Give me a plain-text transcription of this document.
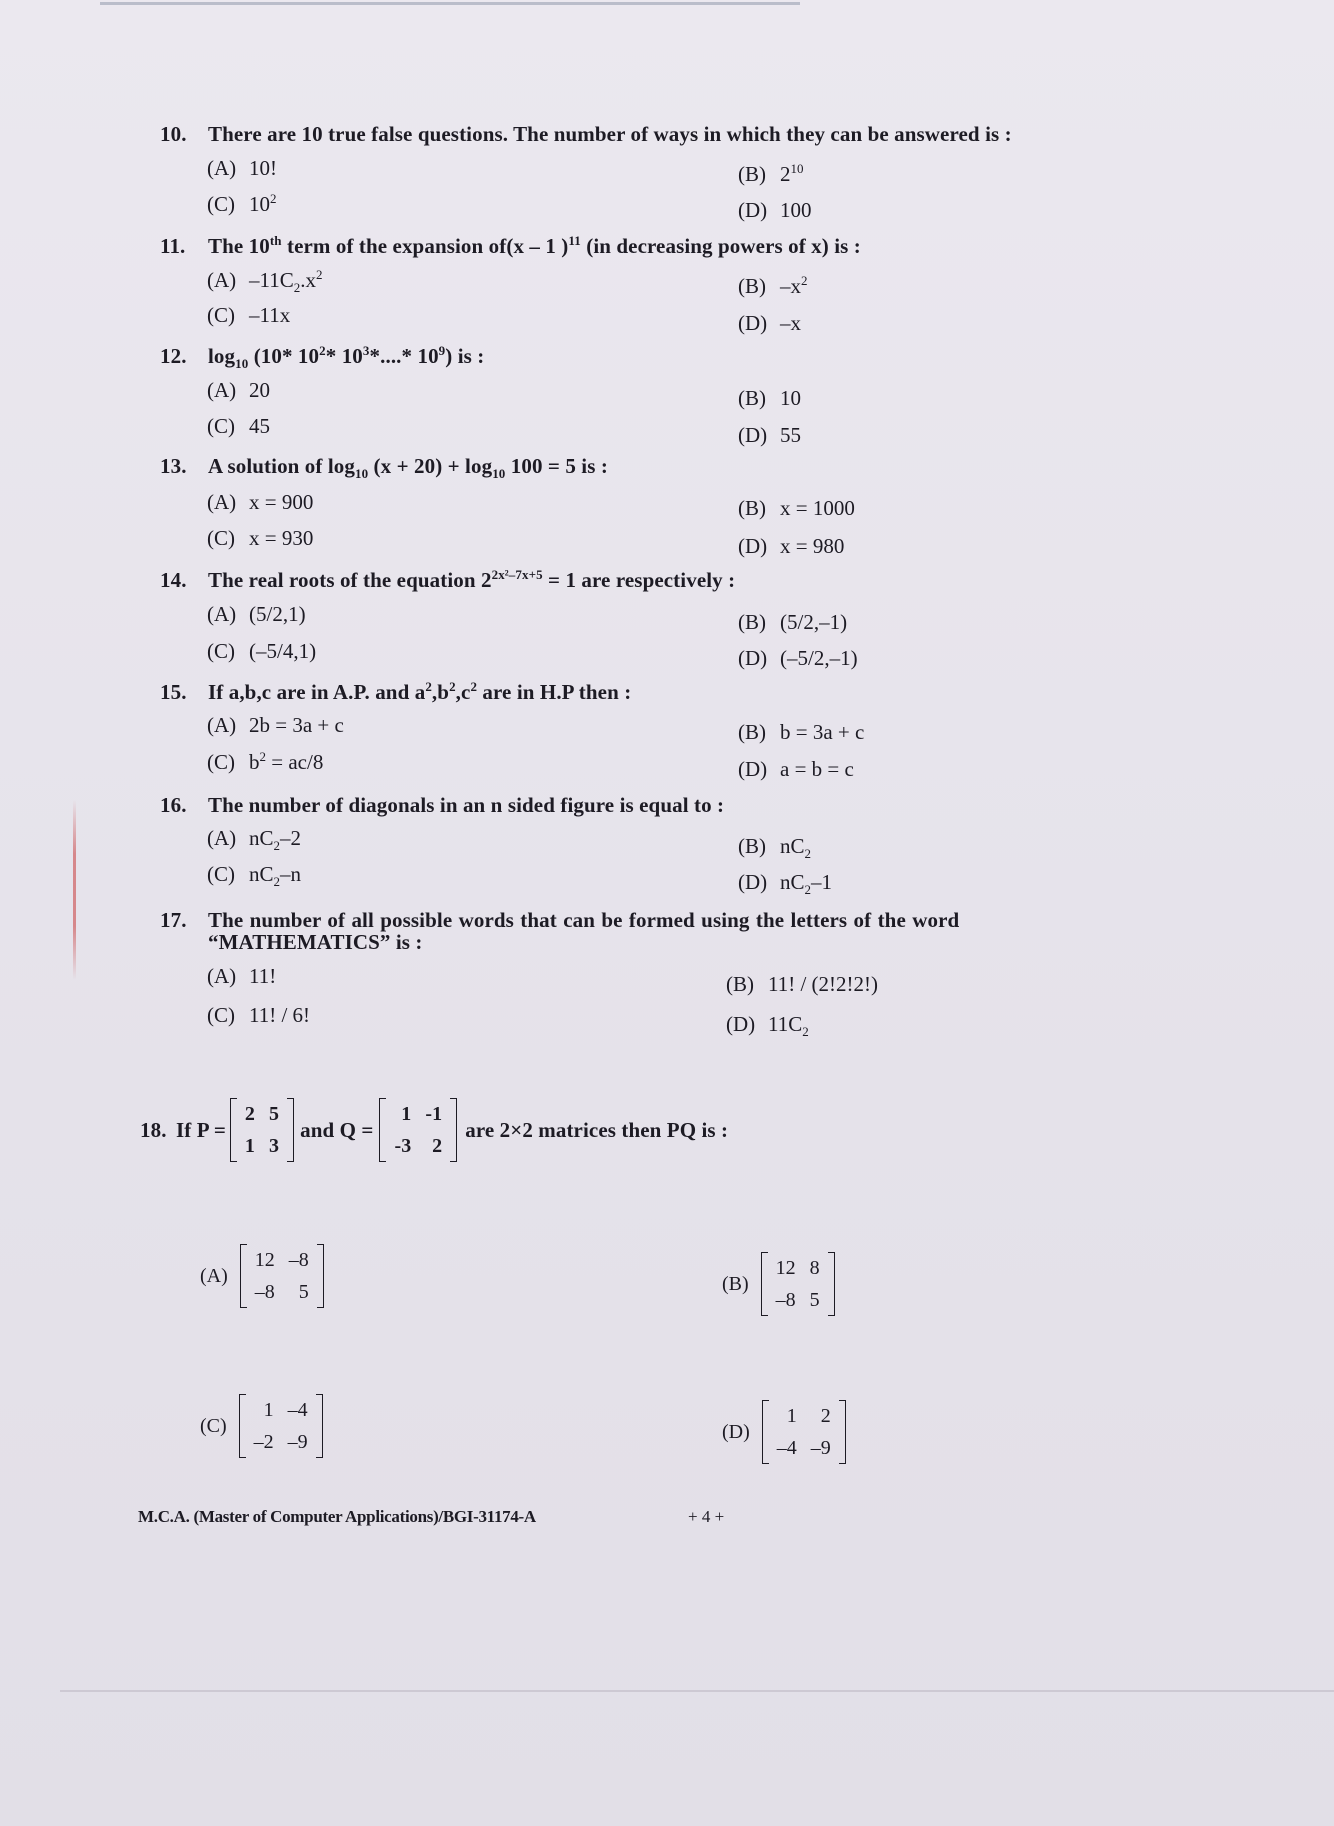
10. There are 10 true false questions. The number of ways in which they can be answered is :
(A) 10!	(B) $2^{10}$
(C) $10^2$	(D) 100
11. The 10th term of the expansion of(x – 1 )$^{11}$ (in decreasing powers of x) is :
(A) $-11C_2.x^2$	(B) $-x^2$
(C) –11x	(D) –x
12. $\log_{10} (10*$ $10^2*$ $10^3*....*$ $10^9$) is :
(A) 20	(B) 10
(C) 45	(D) 55
13. A solution of $\log_{10} (x + 20) + \log_{10} 100 = 5$ is :
(A) x = 900	(B) x = 1000
(C) x = 930	(D) x = 980
14. The real roots of the equation $2^{2x^2-7x+5} = 1$ are respectively :
(A) (5/2,1)	(B) (5/2,–1)
(C) (–5/4,1)	(D) (–5/2,–1)
15. If a,b,c are in A.P. and $a^2,b^2,c^2$ are in H.P then :
(A) 2b = 3a + c	(B) b = 3a + c
(C) $b^2 = ac/8$	(D) a = b = c
16. The number of diagonals in an n sided figure is equal to :
(A) $nC_2-2$	(B) $nC_2$
(C) $nC_2-n$	(D) $nC_2-1$
17. The number of all possible words that can be formed using the letters of the word
“MATHEMATICS” is :
(A) 11!	(B) 11! / (2!2!2!)
(C) 11! / 6!	(D) $11C_2$
18. If P =
2	5
1	3
and Q =
1	-1
-3	2
are 2×2 matrices then PQ is :
(A)
12	–8
–8	5	(B)
12	8
–8	5
(C)
1	–4
–2	–9	(D)
1	2
–4	–9
M.C.A. (Master of Computer Applications)/BGI-31174-A	+ 4 +
